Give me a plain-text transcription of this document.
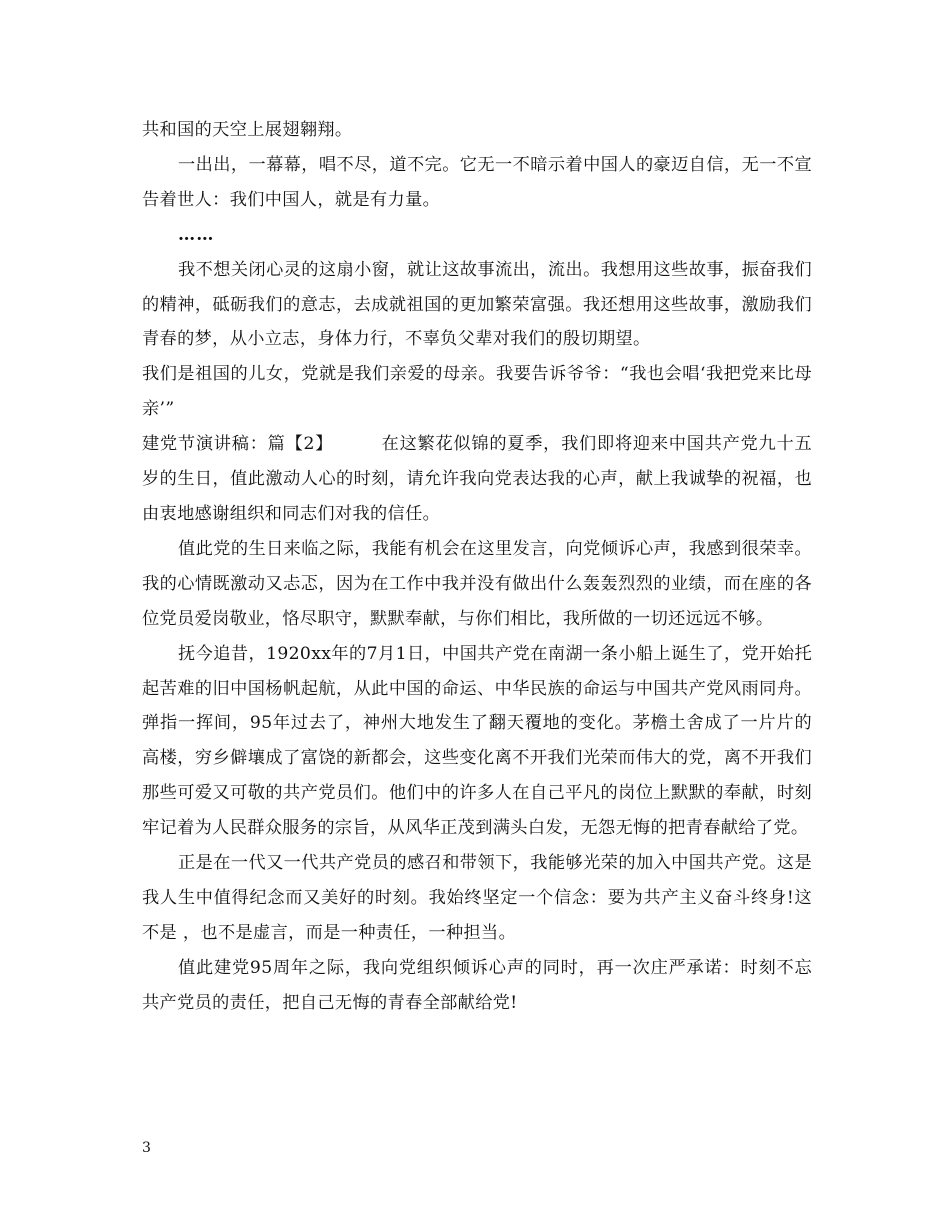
共和国的天空上展翅翱翔。

一出出，一幕幕，唱不尽，道不完。它无一不暗示着中国人的豪迈自信，无一不宣告着世人：我们中国人，就是有力量。

……

我不想关闭心灵的这扇小窗，就让这故事流出，流出。我想用这些故事，振奋我们的精神，砥砺我们的意志，去成就祖国的更加繁荣富强。我还想用这些故事，激励我们青春的梦，从小立志，身体力行，不辜负父辈对我们的殷切期望。

我们是祖国的儿女，党就是我们亲爱的母亲。我要告诉爷爷：“我也会唱‘我把党来比母亲’”

建党节演讲稿：篇【2】	在这繁花似锦的夏季，我们即将迎来中国共产党九十五岁的生日，值此激动人心的时刻，请允许我向党表达我的心声，献上我诚挚的祝福，也由衷地感谢组织和同志们对我的信任。

值此党的生日来临之际，我能有机会在这里发言，向党倾诉心声，我感到很荣幸。我的心情既激动又忐忑，因为在工作中我并没有做出什么轰轰烈烈的业绩，而在座的各位党员爱岗敬业，恪尽职守，默默奉献，与你们相比，我所做的一切还远远不够。

抚今追昔，1920xx年的7月1日，中国共产党在南湖一条小船上诞生了，党开始托起苦难的旧中国杨帆起航，从此中国的命运、中华民族的命运与中国共产党风雨同舟。弹指一挥间，95年过去了，神州大地发生了翻天覆地的变化。茅檐土舍成了一片片的高楼，穷乡僻壤成了富饶的新都会，这些变化离不开我们光荣而伟大的党，离不开我们那些可爱又可敬的共产党员们。他们中的许多人在自己平凡的岗位上默默的奉献，时刻牢记着为人民群众服务的宗旨，从风华正茂到满头白发，无怨无悔的把青春献给了党。

正是在一代又一代共产党员的感召和带领下，我能够光荣的加入中国共产党。这是我人生中值得纪念而又美好的时刻。我始终坚定一个信念：要为共产主义奋斗终身!这不是 ，也不是虚言，而是一种责任，一种担当。

值此建党95周年之际，我向党组织倾诉心声的同时，再一次庄严承诺：时刻不忘共产党员的责任，把自己无悔的青春全部献给党!

3
